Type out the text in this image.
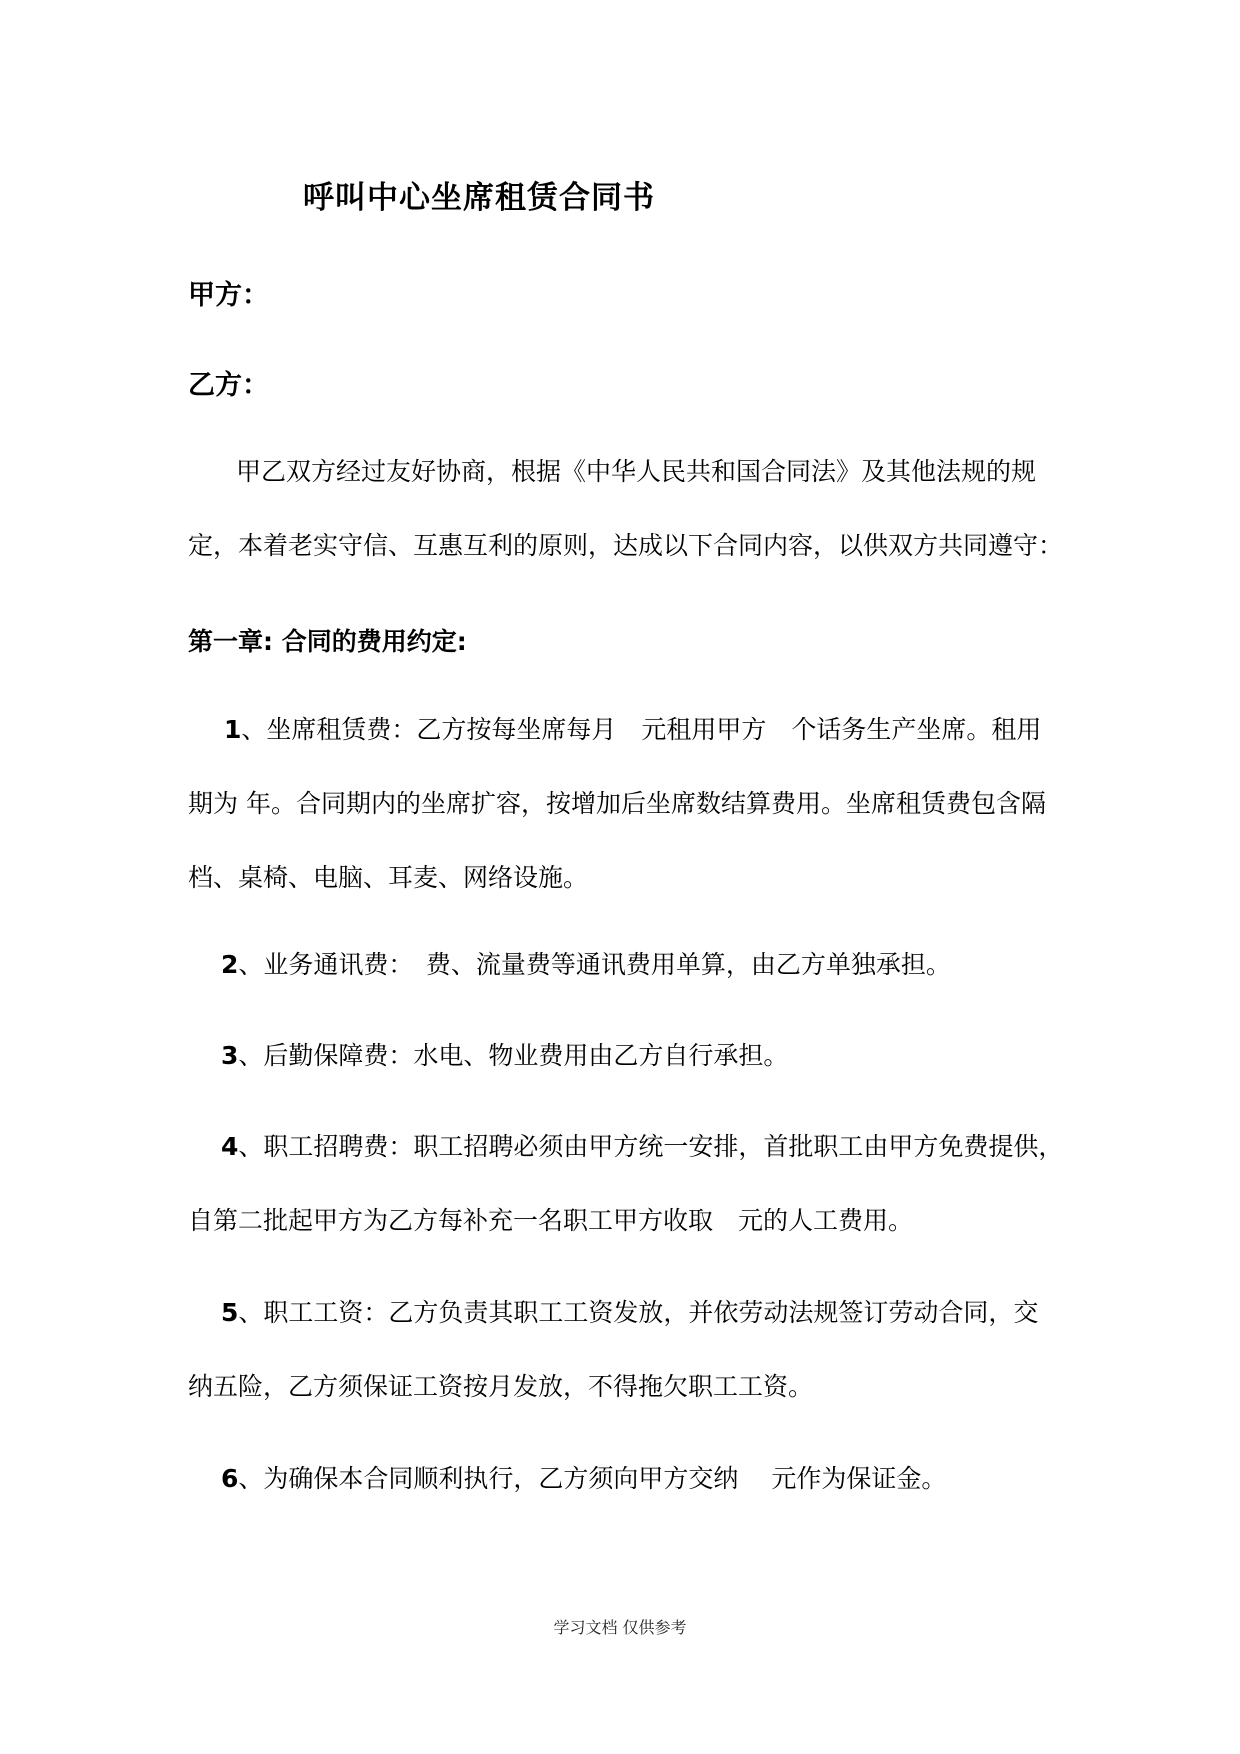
呼叫中心坐席租赁合同书
甲方：
乙方：
甲乙双方经过友好协商，根据《中华人民共和国合同法》及其他法规的规
定，本着老实守信、互惠互利的原则，达成以下合同内容，以供双方共同遵守：
第一章: 合同的费用约定:
1、坐席租赁费：乙方按每坐席每月　元租用甲方　个话务生产坐席。租用
期为 年。合同期内的坐席扩容，按增加后坐席数结算费用。坐席租赁费包含隔
档、桌椅、电脑、耳麦、网络设施。
2、业务通讯费：　费、流量费等通讯费用单算，由乙方单独承担。
3、后勤保障费：水电、物业费用由乙方自行承担。
4、职工招聘费：职工招聘必须由甲方统一安排，首批职工由甲方免费提供，
自第二批起甲方为乙方每补充一名职工甲方收取　元的人工费用。
5、职工工资：乙方负责其职工工资发放，并依劳动法规签订劳动合同，交
纳五险，乙方须保证工资按月发放，不得拖欠职工工资。
6、为确保本合同顺利执行，乙方须向甲方交纳　 元作为保证金。
学习文档 仅供参考
